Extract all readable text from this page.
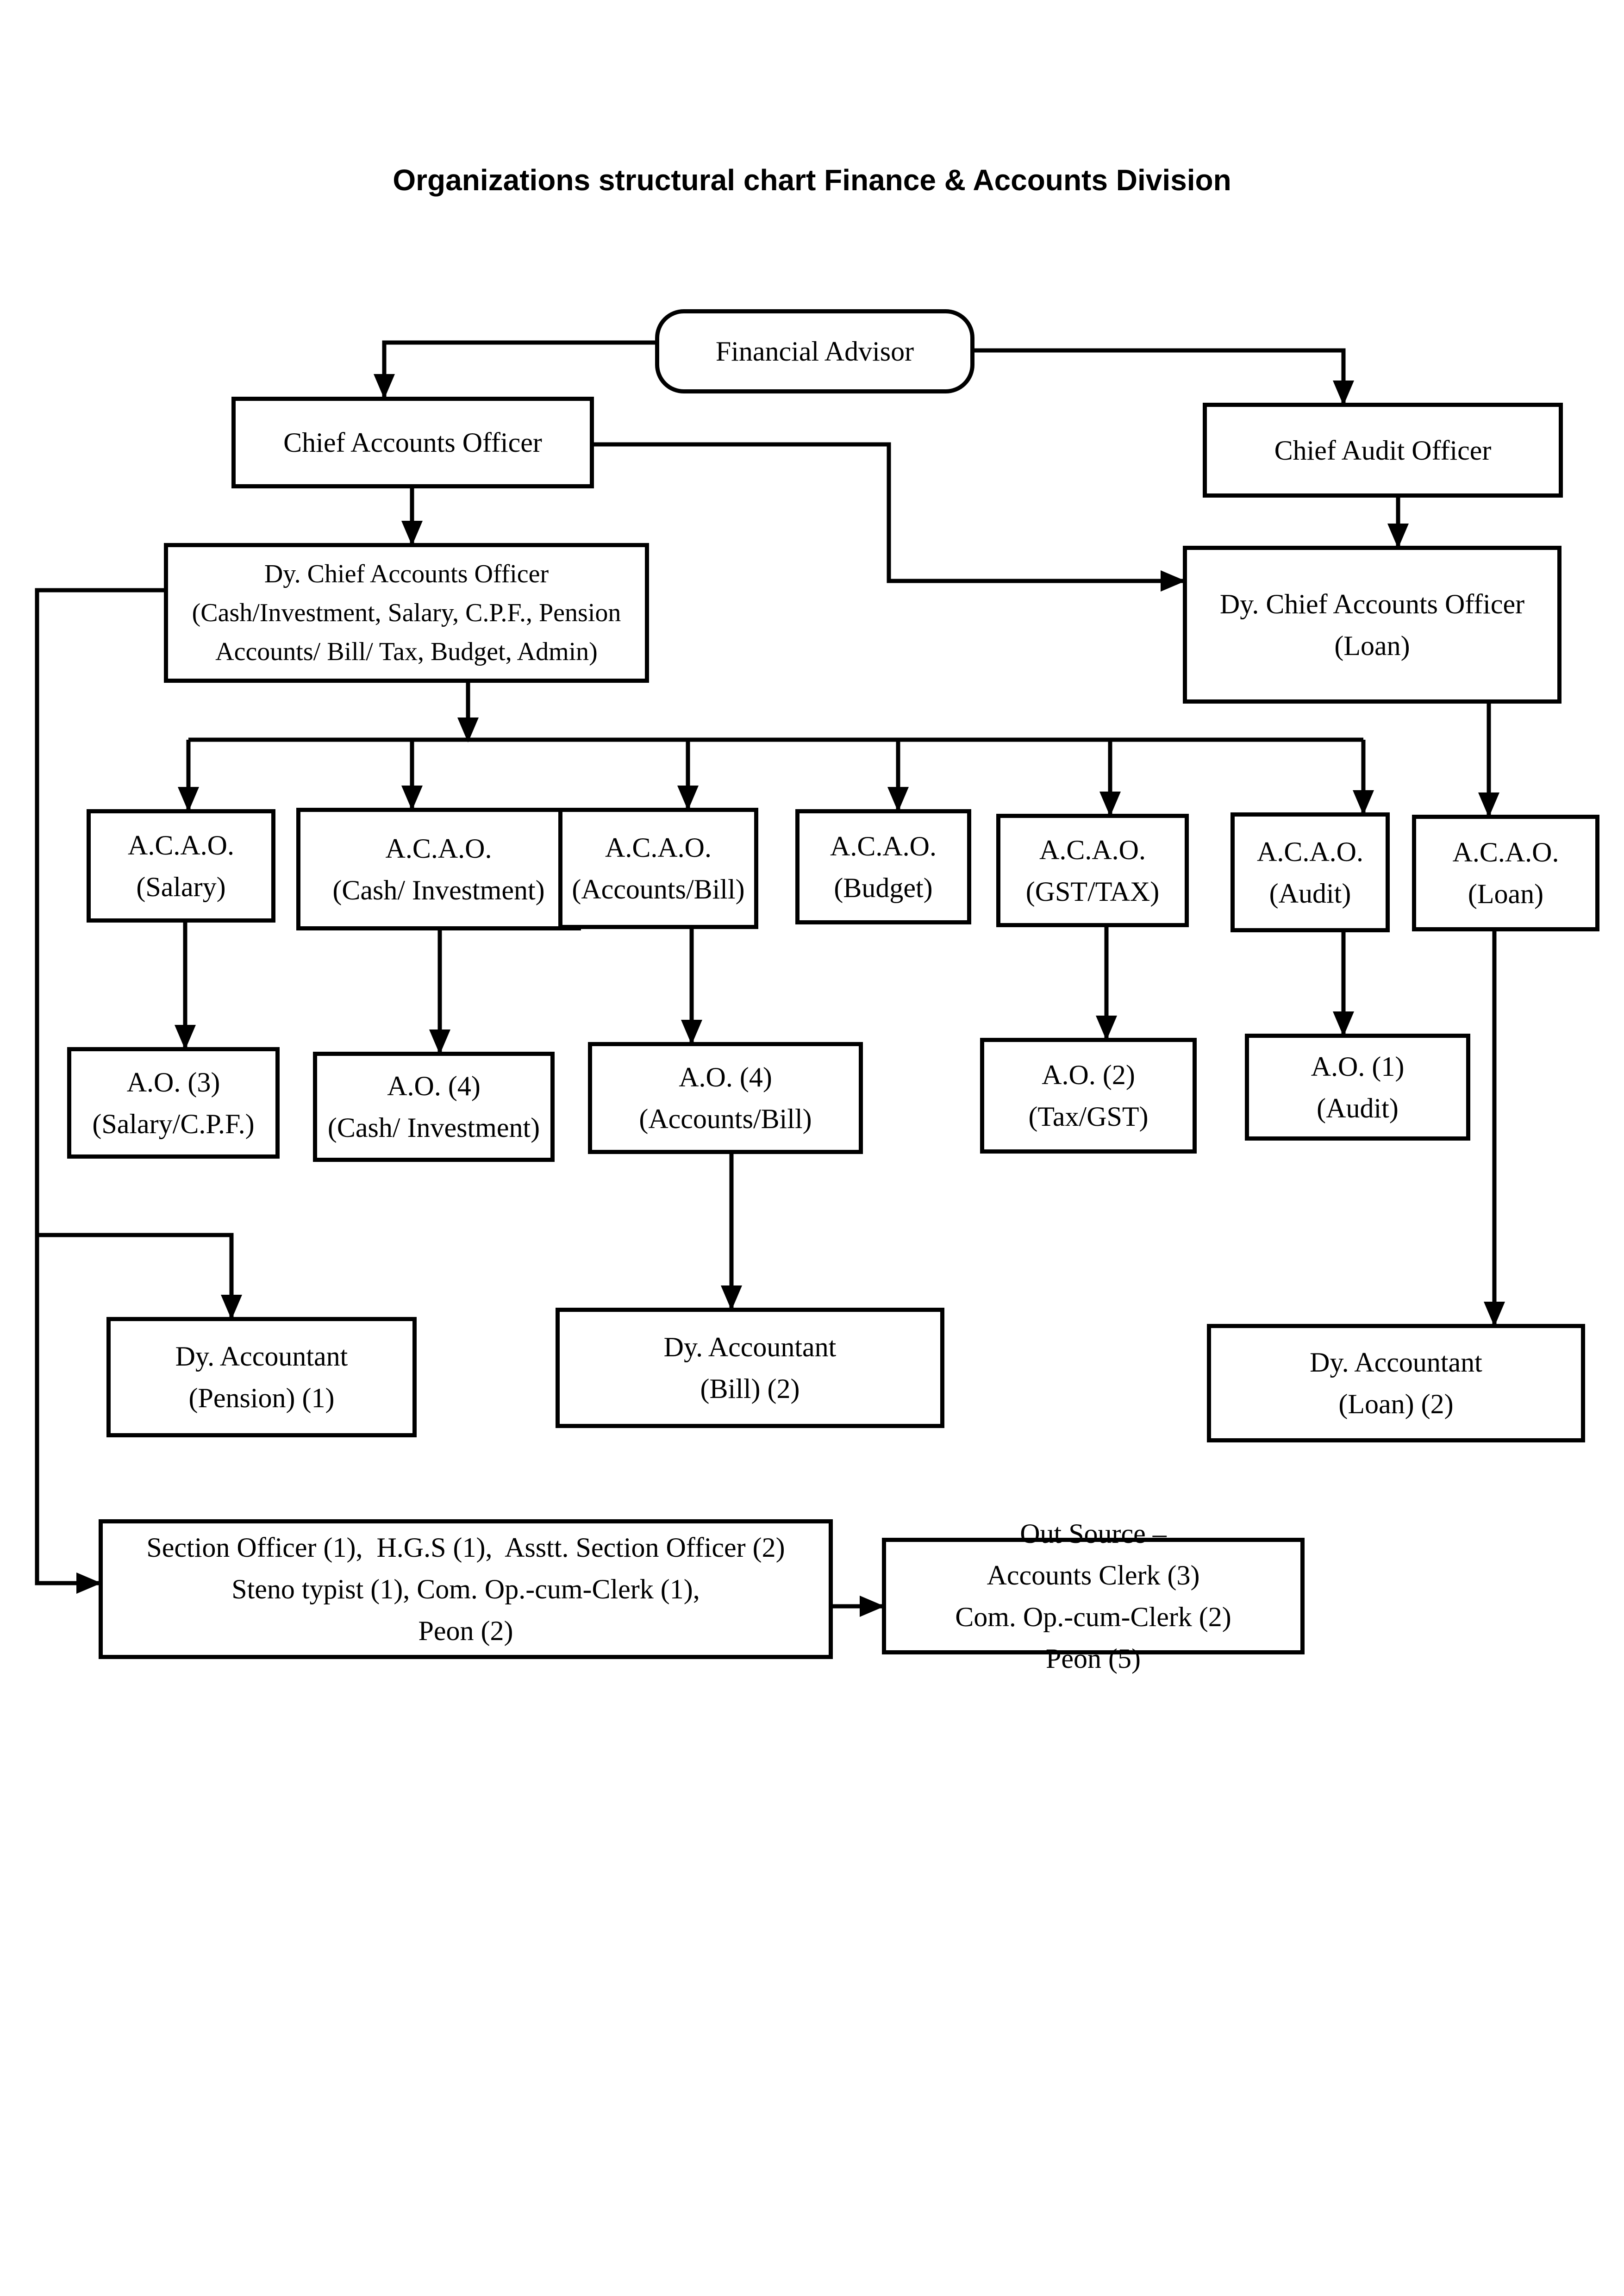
Organizations structural chart Finance & Accounts Division
Financial Advisor
Chief Accounts Officer	Chief Audit Officer
Dy. Chief Accounts Officer
(Cash/Investment, Salary, C.P.F., Pension
Accounts/ Bill/ Tax, Budget, Admin)
Dy. Chief Accounts Officer
(Loan)
A.C.A.O.
(Salary)
A.C.A.O.
(Cash/ Investment)
A.C.A.O.
(Accounts/Bill)
A.C.A.O.
(Budget)
A.C.A.O.
(GST/TAX)
A.C.A.O.
(Audit)
A.C.A.O.
(Loan)
A.O. (3)
(Salary/C.P.F.)
A.O. (4)
(Cash/ Investment)
A.O. (4)
(Accounts/Bill)
A.O. (2)
(Tax/GST)
A.O. (1)
(Audit)
Dy. Accountant
(Pension) (1)
Dy. Accountant
(Bill) (2)
Dy. Accountant
(Loan) (2)
Section Officer (1),  H.G.S (1),  Asstt. Section Officer (2)
Steno typist (1), Com. Op.-cum-Clerk (1),
Peon (2)
Out Source –
Accounts Clerk (3)
Com. Op.-cum-Clerk (2)
Peon (5)
